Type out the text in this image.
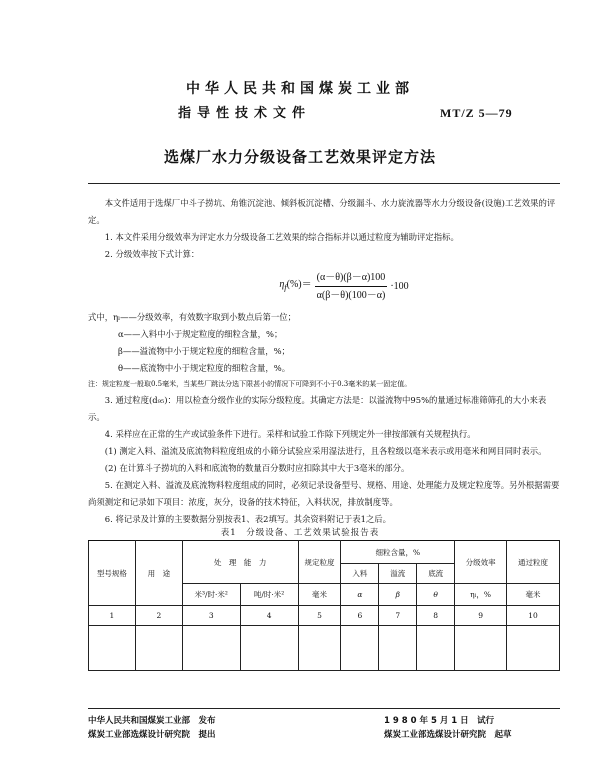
中华人民共和国煤炭工业部
指导性技术文件	MT/Z 5—79
选煤厂水力分级设备工艺效果评定方法

本文件适用于选煤厂中斗子捞坑、角锥沉淀池、倾斜板沉淀槽、分级漏斗、水力旋流器等水力分级设备(设施)工艺效果的评定。

1. 本文件采用分级效率为评定水力分级设备工艺效果的综合指标并以通过粒度为辅助评定指标。

2. 分级效率按下式计算：

$\eta_f(\%)= \frac{(\alpha-\theta)(\beta-\alpha)100}{\alpha(\beta-\theta)(100-\alpha)} \cdot 100$

式中，ηₗ——分级效率，有效数字取到小数点后第一位；

α——入料中小于规定粒度的细粒含量，%；

β——溢流物中小于规定粒度的细粒含量，%；

θ——底流物中小于规定粒度的细粒含量，%。

注：规定粒度一般取0.5毫米，当某些厂跳汰分选下限甚小的情况下可降到不小于0.3毫米的某一固定值。

3. 通过粒度(d₉₅)：用以检查分级作业的实际分级粒度。其确定方法是：以溢流物中95%的量通过标准筛筛孔的大小来表示。

4. 采样应在正常的生产或试验条件下进行。采样和试验工作除下列规定外一律按部颁有关规程执行。

(1) 测定入料、溢流及底流物料粒度组成的小筛分试验应采用湿法进行，且各粒级以毫米表示或用毫米和网目同时表示。

(2) 在计算斗子捞坑的入料和底流物的数量百分数时应扣除其中大于3毫米的部分。

5. 在测定入料、溢流及底流物料粒度组成的同时，必须记录设备型号、规格、用途、处理能力及规定粒度等。另外根据需要尚须测定和记录如下项目：浓度，灰分，设备的技术特征，入料状况，排放制度等。

6. 将记录及计算的主要数据分别按表1、表2填写。其余资料附记于表1之后。

表1　分级设备、工艺效果试验报告表
型号规格	用　途	处　理　能　力		规定粒度	细粒含量，%			分级效率	通过粒度
					入料	溢流	底流		
		米³/时·米²	吨/时·米²	毫米	α	β	θ	ηₗ，%	毫米
1	2	3	4	5	6	7	8	9	10

中华人民共和国煤炭工业部　发布
煤炭工业部选煤设计研究院　提出
1 9 8 0 年 5 月 1 日　试行
煤炭工业部选煤设计研究院　起草
